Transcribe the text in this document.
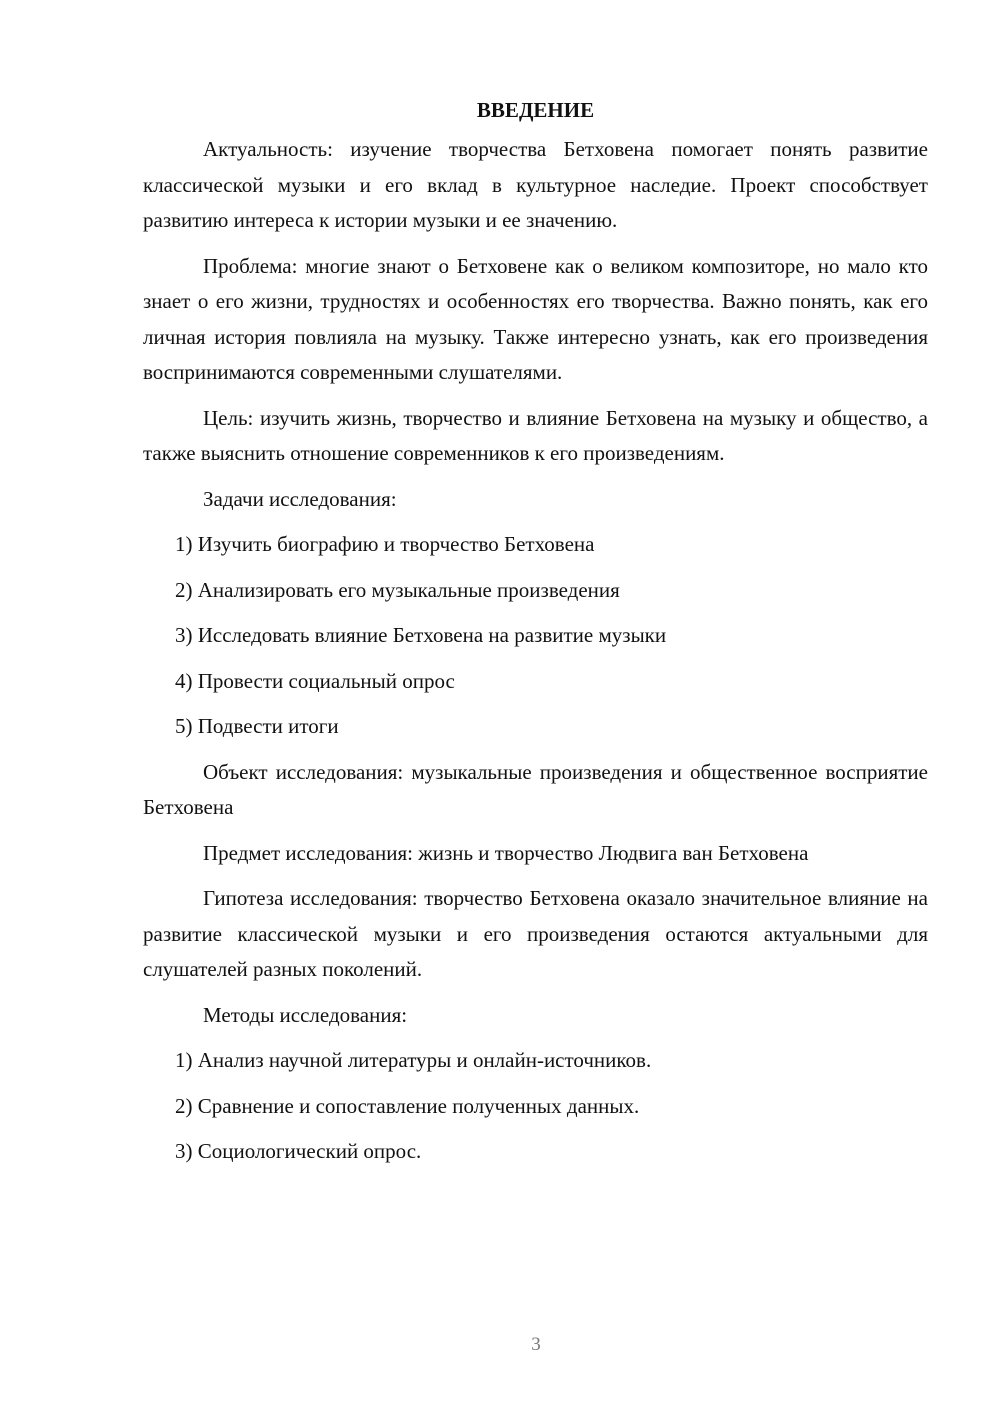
ВВЕДЕНИЕ

Актуальность: изучение творчества Бетховена помогает понять развитие классической музыки и его вклад в культурное наследие. Проект способствует развитию интереса к истории музыки и ее значению.

Проблема: многие знают о Бетховене как о великом композиторе, но мало кто знает о его жизни, трудностях и особенностях его творчества. Важно понять, как его личная история повлияла на музыку. Также интересно узнать, как его произведения воспринимаются современными слушателями.

Цель: изучить жизнь, творчество и влияние Бетховена на музыку и общество, а также выяснить отношение современников к его произведениям.

Задачи исследования:
1) Изучить биографию и творчество Бетховена
2) Анализировать его музыкальные произведения
3) Исследовать влияние Бетховена на развитие музыки
4) Провести социальный опрос
5) Подвести итоги

Объект исследования: музыкальные произведения и общественное восприятие Бетховена

Предмет исследования: жизнь и творчество Людвига ван Бетховена

Гипотеза исследования: творчество Бетховена оказало значительное влияние на развитие классической музыки и его произведения остаются актуальными для слушателей разных поколений.

Методы исследования:
1) Анализ научной литературы и онлайн-источников.
2) Сравнение и сопоставление полученных данных.
3) Социологический опрос.
3
